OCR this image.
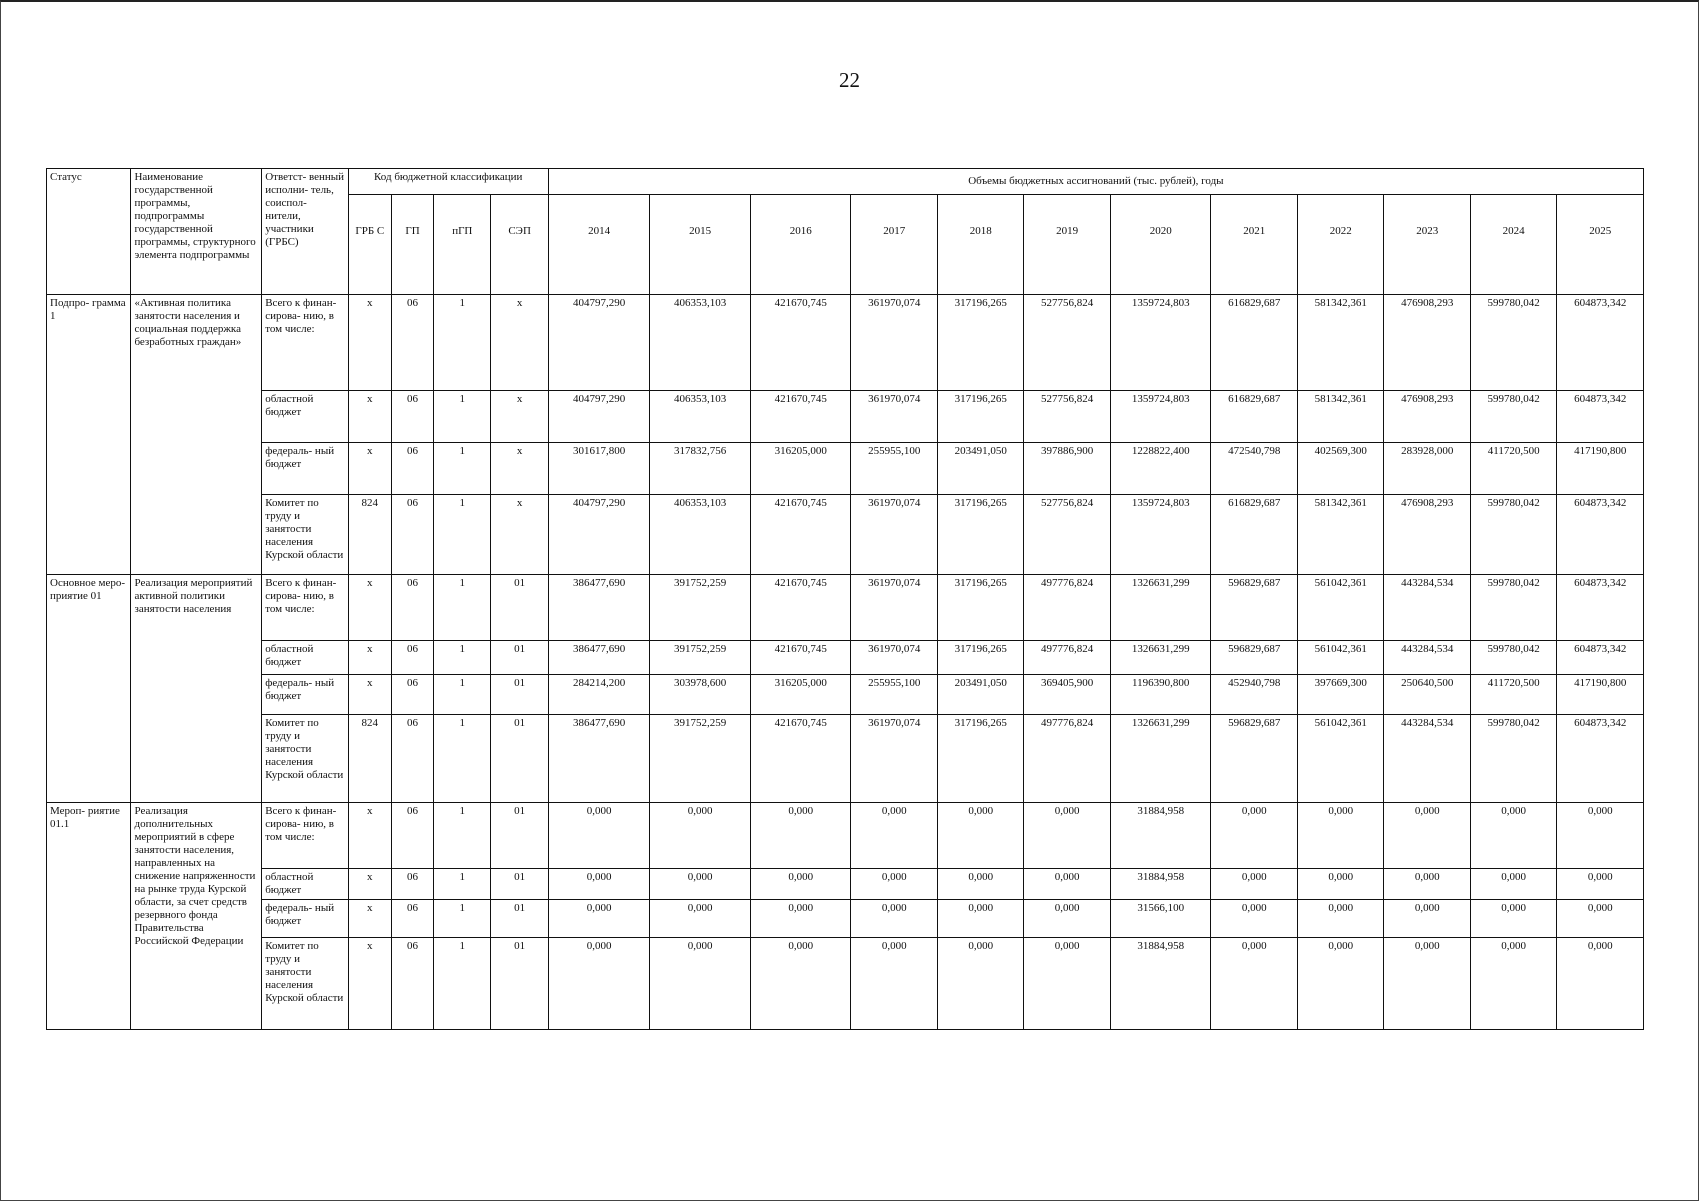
22
Статус	Наименование государственной программы, подпрограммы государственной программы, структурного элемента подпрограммы	Ответст- венный исполни- тель, соиспол- нители, участники (ГРБС)	Код бюджетной классификации				Объемы бюджетных ассигнований (тыс. рублей), годы											
			ГРБ С	ГП	пГП	СЭП	2014	2015	2016	2017	2018	2019	2020	2021	2022	2023	2024	2025
Подпро- грамма 1	«Активная политика занятости населения и социальная поддержка безработных граждан»	Всего к финан- сирова- нию, в том числе:	x	06	1	x	404797,290	406353,103	421670,745	361970,074	317196,265	527756,824	1359724,803	616829,687	581342,361	476908,293	599780,042	604873,342
		областной бюджет	x	06	1	x	404797,290	406353,103	421670,745	361970,074	317196,265	527756,824	1359724,803	616829,687	581342,361	476908,293	599780,042	604873,342
		федераль- ный бюджет	x	06	1	x	301617,800	317832,756	316205,000	255955,100	203491,050	397886,900	1228822,400	472540,798	402569,300	283928,000	411720,500	417190,800
		Комитет по труду и занятости населения Курской области	824	06	1	x	404797,290	406353,103	421670,745	361970,074	317196,265	527756,824	1359724,803	616829,687	581342,361	476908,293	599780,042	604873,342
Основное меро- приятие 01	Реализация мероприятий активной политики занятости населения	Всего к финан- сирова- нию, в том числе:	x	06	1	01	386477,690	391752,259	421670,745	361970,074	317196,265	497776,824	1326631,299	596829,687	561042,361	443284,534	599780,042	604873,342
		областной бюджет	x	06	1	01	386477,690	391752,259	421670,745	361970,074	317196,265	497776,824	1326631,299	596829,687	561042,361	443284,534	599780,042	604873,342
		федераль- ный бюджет	x	06	1	01	284214,200	303978,600	316205,000	255955,100	203491,050	369405,900	1196390,800	452940,798	397669,300	250640,500	411720,500	417190,800
		Комитет по труду и занятости населения Курской области	824	06	1	01	386477,690	391752,259	421670,745	361970,074	317196,265	497776,824	1326631,299	596829,687	561042,361	443284,534	599780,042	604873,342
Мероп- риятие 01.1	Реализация дополнительных мероприятий в сфере занятости населения, направленных на снижение напряженности на рынке труда Курской области, за счет средств резервного фонда Правительства Российской Федерации	Всего к финан- сирова- нию, в том числе:	x	06	1	01	0,000	0,000	0,000	0,000	0,000	0,000	31884,958	0,000	0,000	0,000	0,000	0,000
		областной бюджет	x	06	1	01	0,000	0,000	0,000	0,000	0,000	0,000	31884,958	0,000	0,000	0,000	0,000	0,000
		федераль- ный бюджет	x	06	1	01	0,000	0,000	0,000	0,000	0,000	0,000	31566,100	0,000	0,000	0,000	0,000	0,000
		Комитет по труду и занятости населения Курской области	x	06	1	01	0,000	0,000	0,000	0,000	0,000	0,000	31884,958	0,000	0,000	0,000	0,000	0,000
